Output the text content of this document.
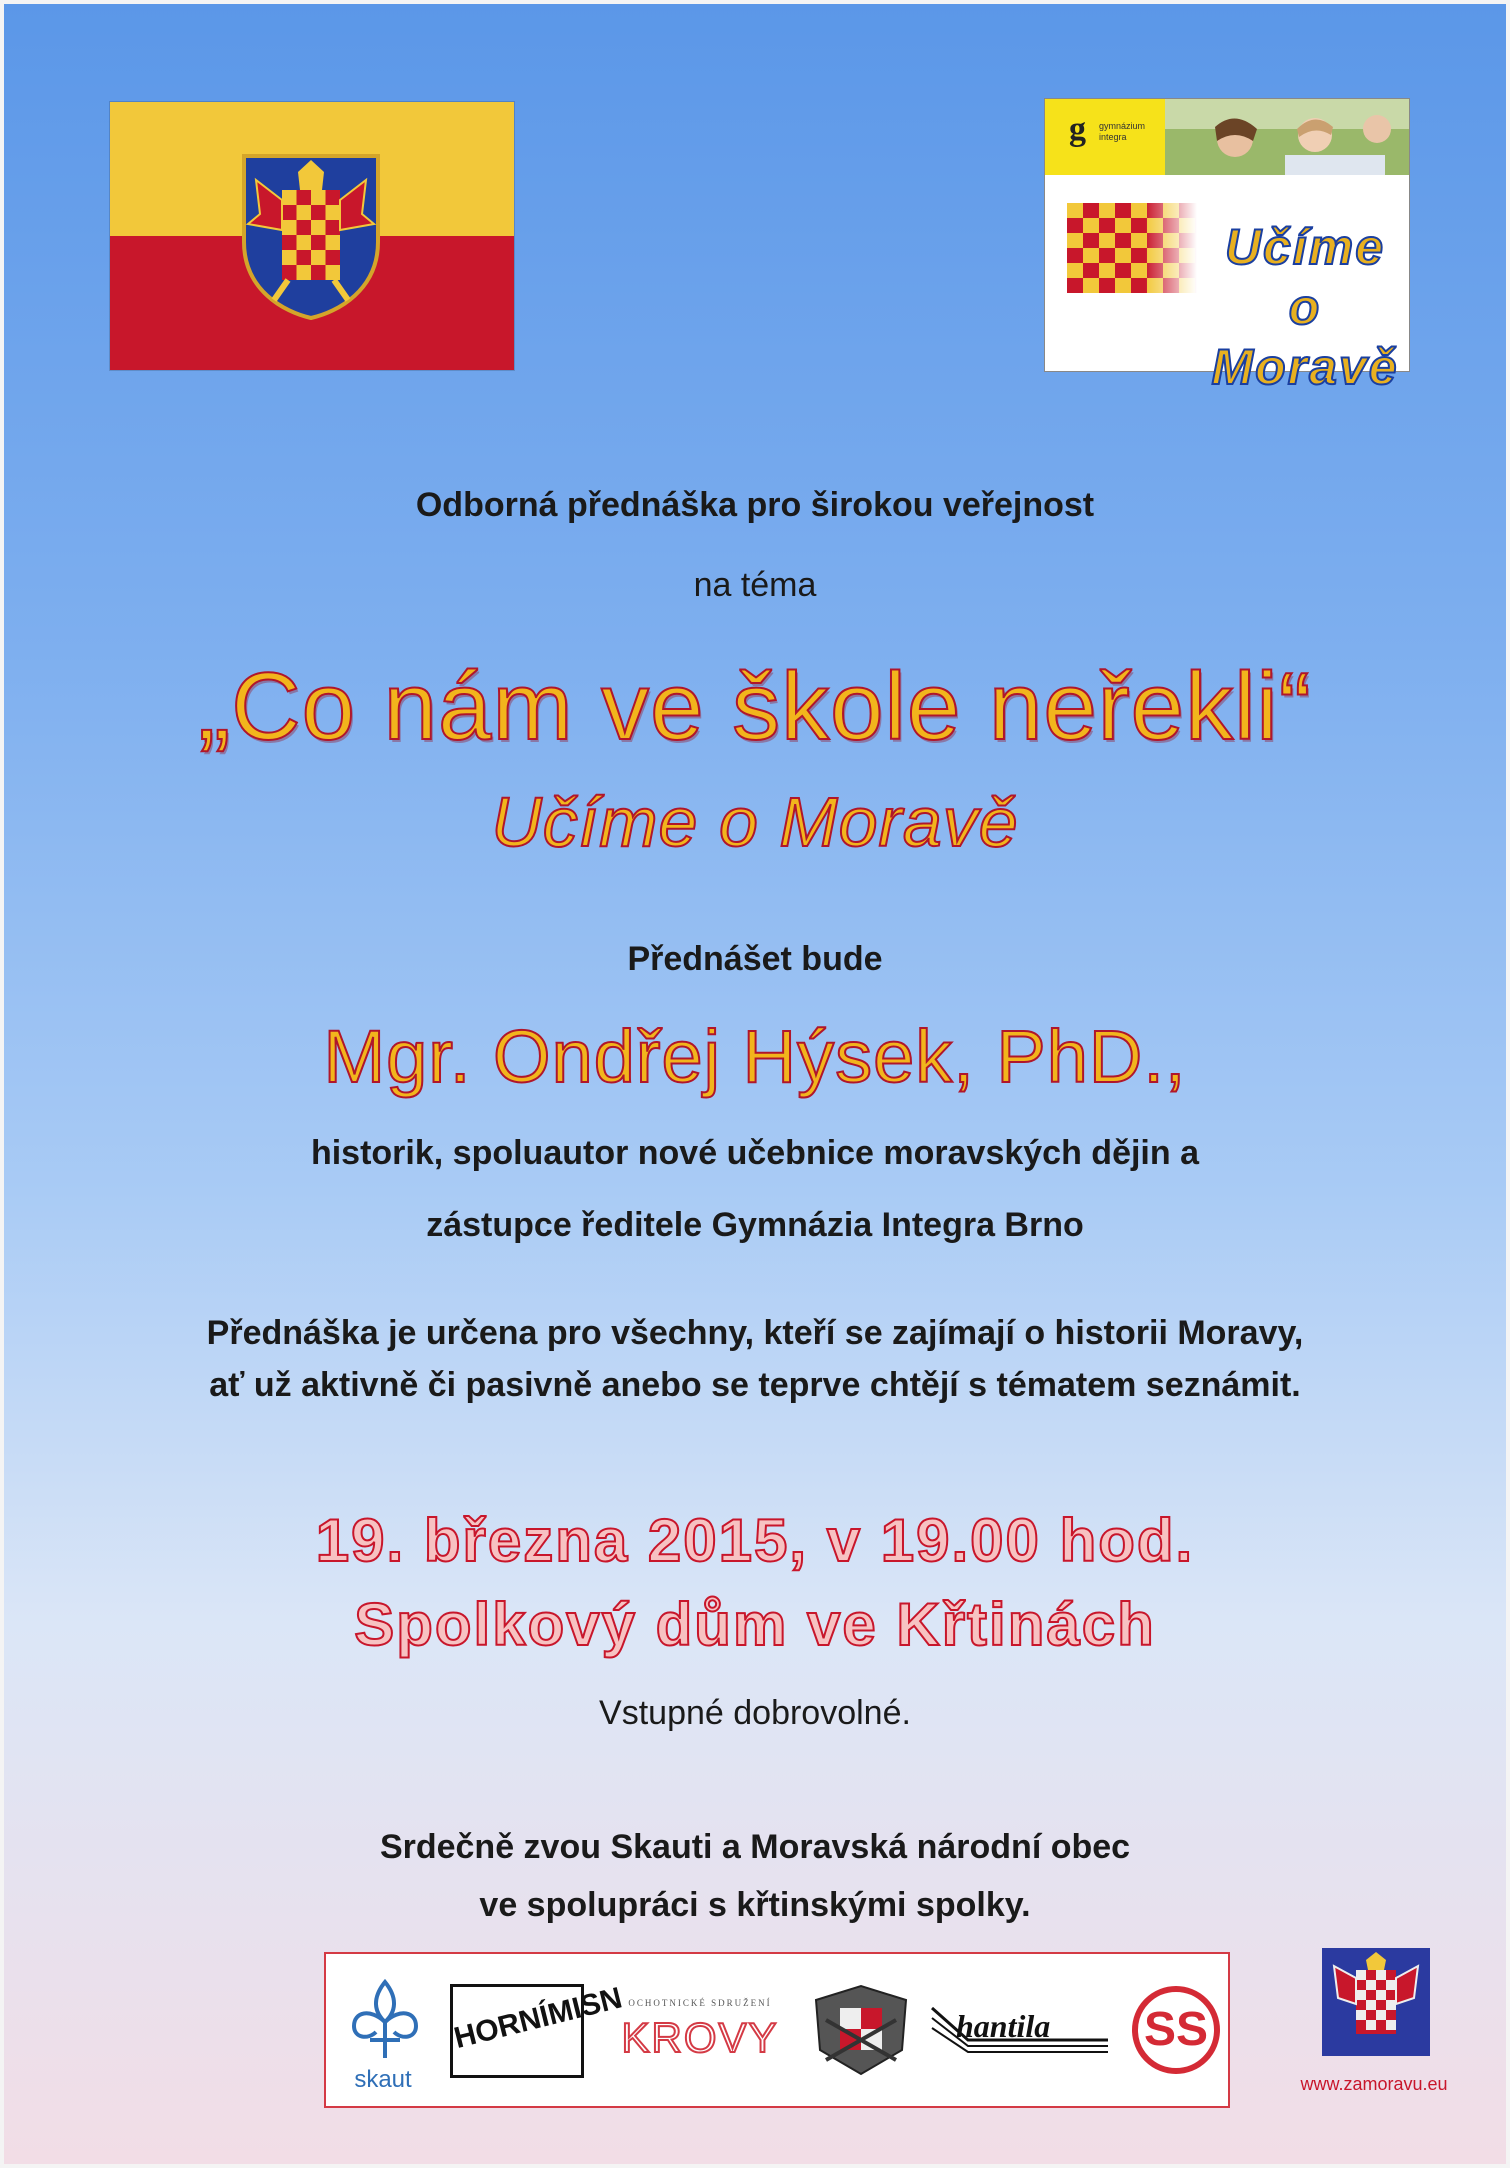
g gymnázium integra
Učíme
o Moravě
Odborná přednáška pro širokou veřejnost
na téma
„Co nám ve škole neřekli“
Učíme o Moravě
Přednášet bude
Mgr. Ondřej Hýsek, PhD.,
historik, spoluautor nové učebnice moravských dějin a
zástupce ředitele Gymnázia Integra Brno
Přednáška je určena pro všechny, kteří se zajímají o historii Moravy,
ať už aktivně či pasivně anebo se teprve chtějí s tématem seznámit.
19. března 2015, v 19.00 hod.
Spolkový dům ve Křtinách
Vstupné dobrovolné.
Srdečně zvou Skauti a Moravská národní obec
ve spolupráci s křtinskými spolky.
skaut
HORNÍMISN OCHOTNICKÉ SDRUŽENÍ
KROVY	hantila SS
www.zamoravu.eu
